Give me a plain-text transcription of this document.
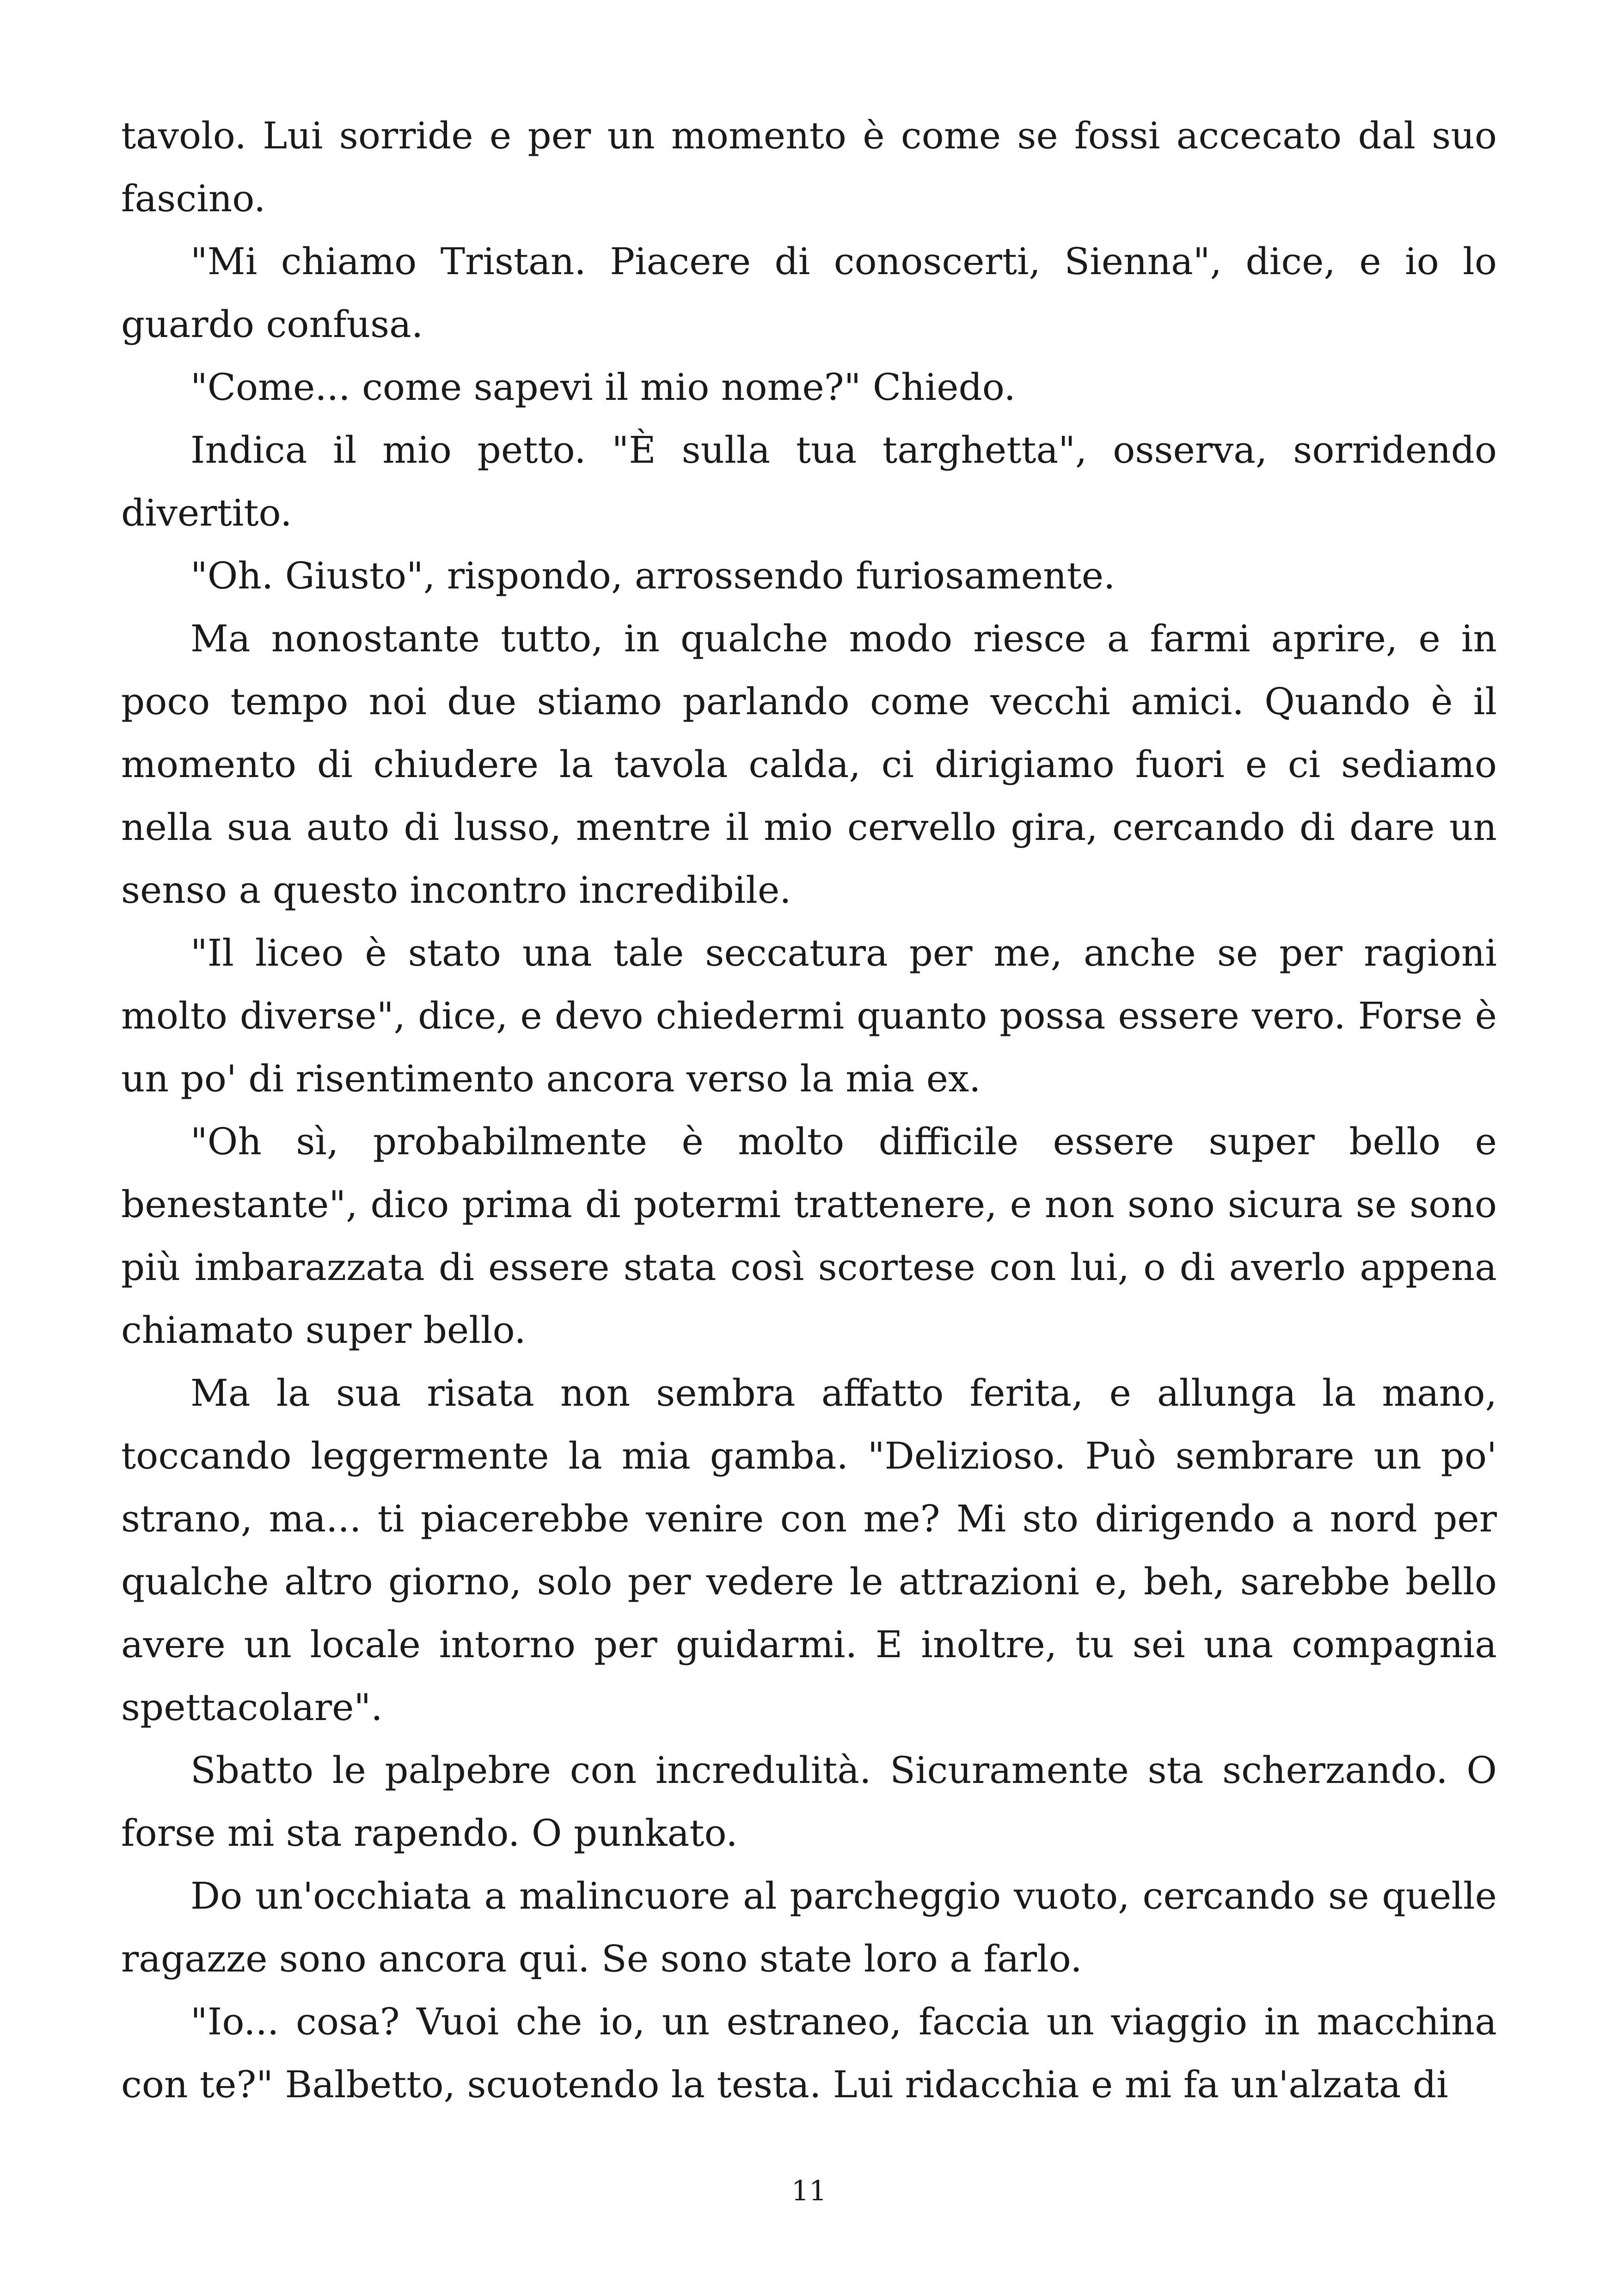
tavolo. Lui sorride e per un momento è come se fossi accecato dal suo fascino.

"Mi chiamo Tristan. Piacere di conoscerti, Sienna", dice, e io lo guardo confusa.

"Come... come sapevi il mio nome?" Chiedo.

Indica il mio petto. "È sulla tua targhetta", osserva, sorridendo divertito.

"Oh. Giusto", rispondo, arrossendo furiosamente.

Ma nonostante tutto, in qualche modo riesce a farmi aprire, e in poco tempo noi due stiamo parlando come vecchi amici. Quando è il momento di chiudere la tavola calda, ci dirigiamo fuori e ci sediamo nella sua auto di lusso, mentre il mio cervello gira, cercando di dare un senso a questo incontro incredibile.

"Il liceo è stato una tale seccatura per me, anche se per ragioni molto diverse", dice, e devo chiedermi quanto possa essere vero. Forse è un po' di risentimento ancora verso la mia ex.

"Oh sì, probabilmente è molto difficile essere super bello e benestante", dico prima di potermi trattenere, e non sono sicura se sono più imbarazzata di essere stata così scortese con lui, o di averlo appena chiamato super bello.

Ma la sua risata non sembra affatto ferita, e allunga la mano, toccando leggermente la mia gamba. "Delizioso. Può sembrare un po' strano, ma... ti piacerebbe venire con me? Mi sto dirigendo a nord per qualche altro giorno, solo per vedere le attrazioni e, beh, sarebbe bello avere un locale intorno per guidarmi. E inoltre, tu sei una compagnia spettacolare".

Sbatto le palpebre con incredulità. Sicuramente sta scherzando. O forse mi sta rapendo. O punkato.

Do un'occhiata a malincuore al parcheggio vuoto, cercando se quelle ragazze sono ancora qui. Se sono state loro a farlo.

"Io... cosa? Vuoi che io, un estraneo, faccia un viaggio in macchina con te?" Balbetto, scuotendo la testa. Lui ridacchia e mi fa un'alzata di

11
